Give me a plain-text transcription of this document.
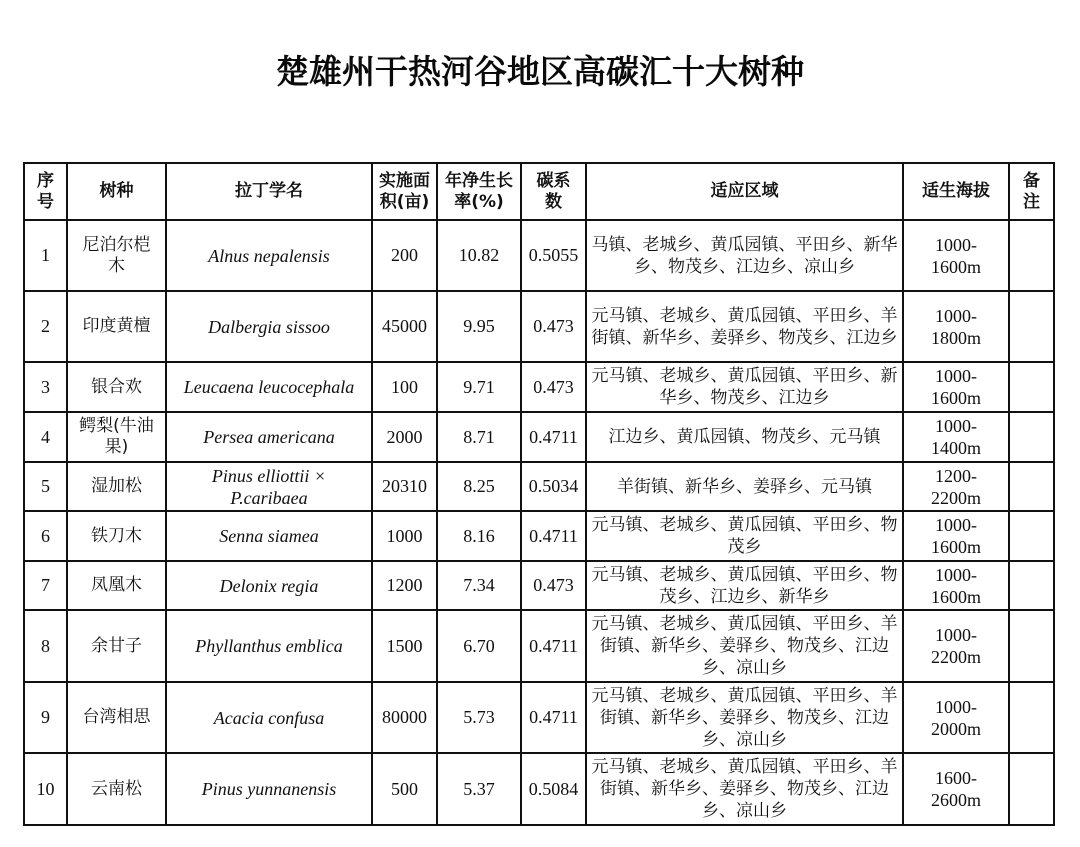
楚雄州干热河谷地区高碳汇十大树种
序号	树种	拉丁学名	实施面积(亩)	年净生长率(%)	碳系数	适应区域	适生海拔	备注
1	尼泊尔桤木	Alnus nepalensis	200	10.82	0.5055	马镇、老城乡、黄瓜园镇、平田乡、新华乡、物茂乡、江边乡、凉山乡	1000-1600m	
2	印度黄檀	Dalbergia sissoo	45000	9.95	0.473	元马镇、老城乡、黄瓜园镇、平田乡、羊街镇、新华乡、姜驿乡、物茂乡、江边乡	1000-1800m	
3	银合欢	Leucaena leucocephala	100	9.71	0.473	元马镇、老城乡、黄瓜园镇、平田乡、新华乡、物茂乡、江边乡	1000-1600m	
4	鳄梨(牛油果)	Persea americana	2000	8.71	0.4711	江边乡、黄瓜园镇、物茂乡、元马镇	1000-1400m	
5	湿加松	Pinus elliottii × P.caribaea	20310	8.25	0.5034	羊街镇、新华乡、姜驿乡、元马镇	1200-2200m	
6	铁刀木	Senna siamea	1000	8.16	0.4711	元马镇、老城乡、黄瓜园镇、平田乡、物茂乡	1000-1600m	
7	凤凰木	Delonix regia	1200	7.34	0.473	元马镇、老城乡、黄瓜园镇、平田乡、物茂乡、江边乡、新华乡	1000-1600m	
8	余甘子	Phyllanthus emblica	1500	6.70	0.4711	元马镇、老城乡、黄瓜园镇、平田乡、羊街镇、新华乡、姜驿乡、物茂乡、江边乡、凉山乡	1000-2200m	
9	台湾相思	Acacia confusa	80000	5.73	0.4711	元马镇、老城乡、黄瓜园镇、平田乡、羊街镇、新华乡、姜驿乡、物茂乡、江边乡、凉山乡	1000-2000m	
10	云南松	Pinus yunnanensis	500	5.37	0.5084	元马镇、老城乡、黄瓜园镇、平田乡、羊街镇、新华乡、姜驿乡、物茂乡、江边乡、凉山乡	1600-2600m	
